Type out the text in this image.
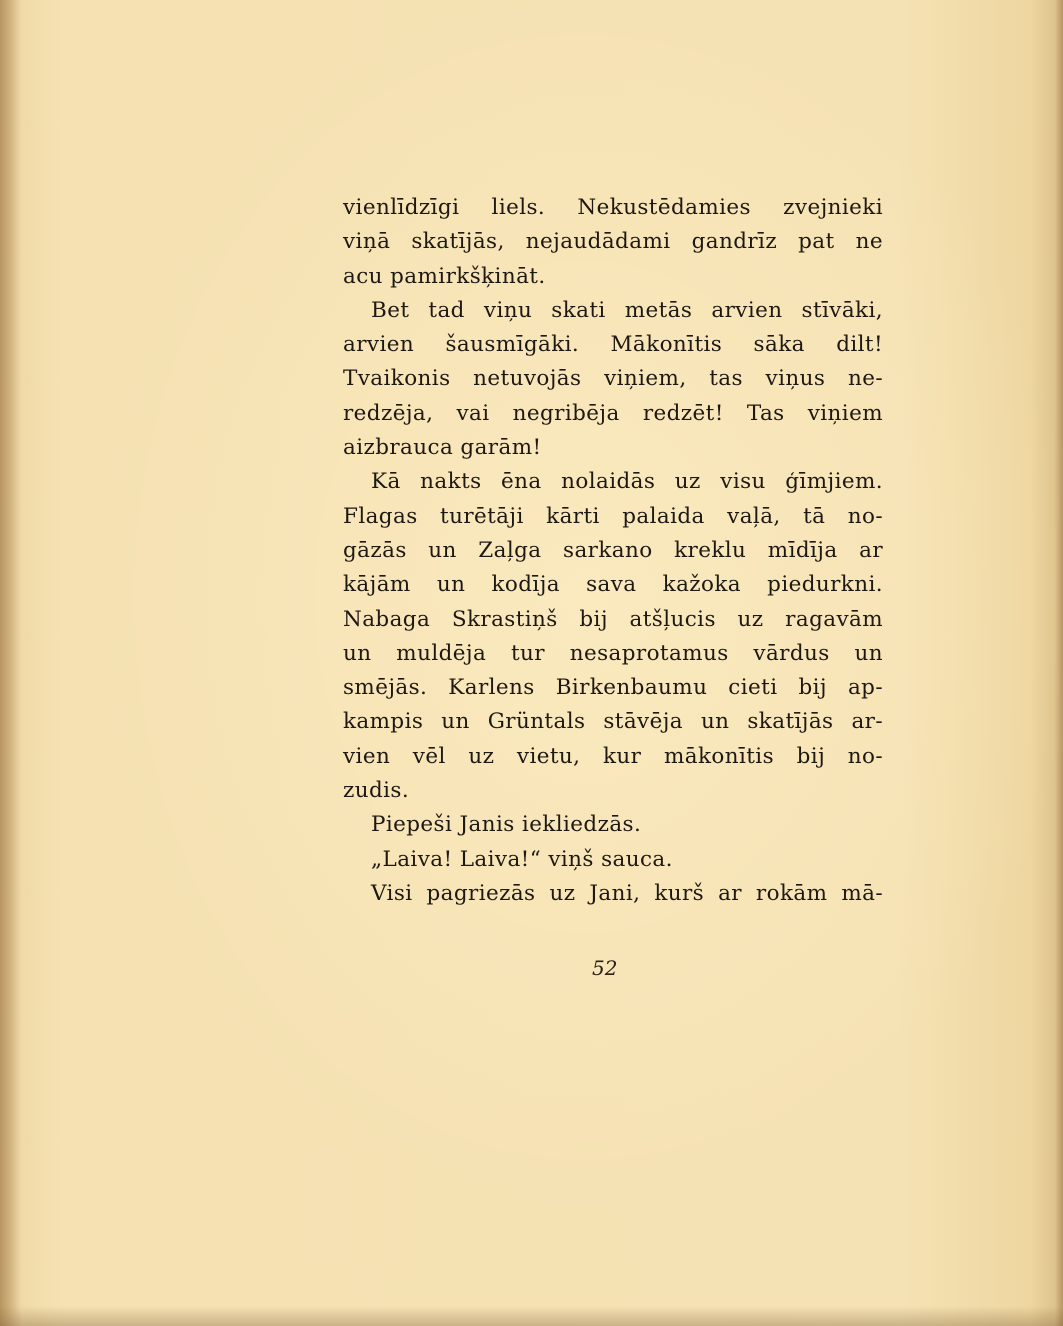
vienlīdzīgi liels. Nekustēdamies zvejnieki
viņā skatījās, nejaudādami gandrīz pat ne
acu pamirkšķināt.
Bet tad viņu skati metās arvien stīvāki,
arvien šausmīgāki. Mākonītis sāka dilt!
Tvaikonis netuvojās viņiem, tas viņus ne-
redzēja, vai negribēja redzēt! Tas viņiem
aizbrauca garām!
Kā nakts ēna nolaidās uz visu ģīmjiem.
Flagas turētāji kārti palaida vaļā, tā no-
gāzās un Zaļga sarkano kreklu mīdīja ar
kājām un kodīja sava kažoka piedurkni.
Nabaga Skrastiņš bij atšļucis uz ragavām
un muldēja tur nesaprotamus vārdus un
smējās. Karlens Birkenbaumu cieti bij ap-
kampis un Grüntals stāvēja un skatījās ar-
vien vēl uz vietu, kur mākonītis bij no-
zudis.
Piepeši Janis iekliedzās.
„Laiva! Laiva!“ viņš sauca.
Visi pagriezās uz Jani, kurš ar rokām mā-
52
